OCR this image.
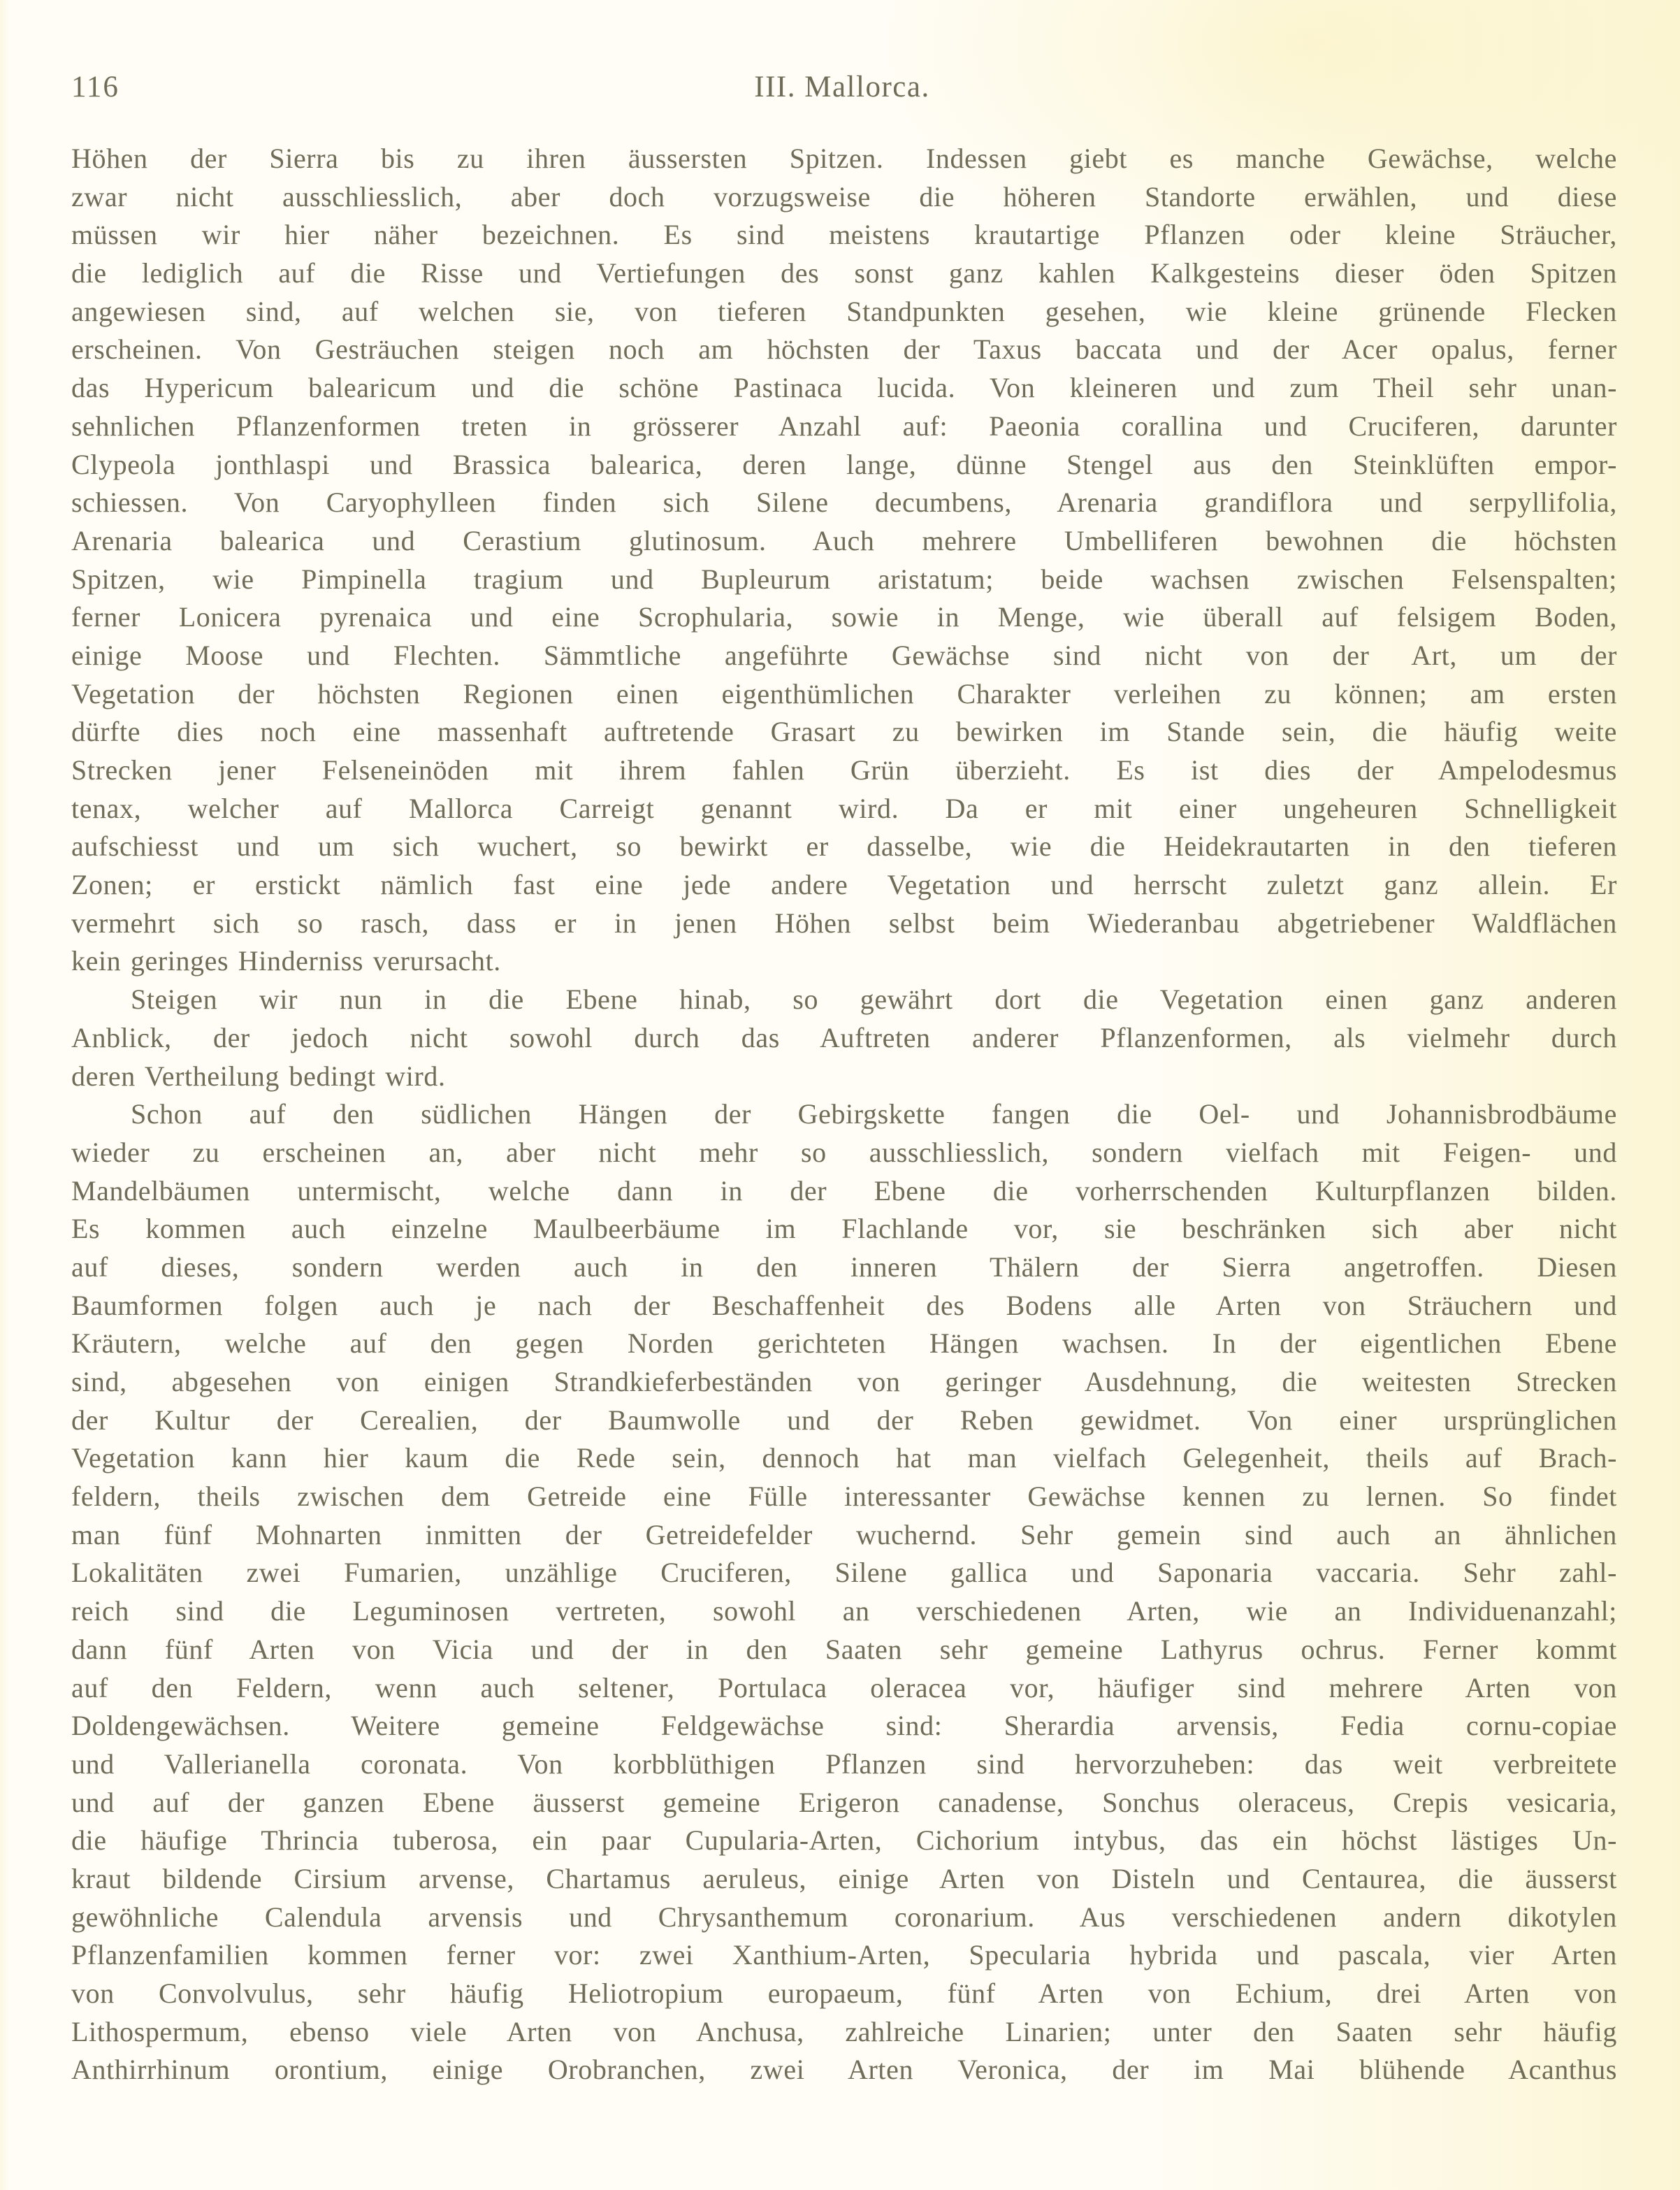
116	III. Mallorca.
Höhen der Sierra bis zu ihren äussersten Spitzen. Indessen giebt es manche Gewächse, welche
zwar nicht ausschliesslich, aber doch vorzugsweise die höheren Standorte erwählen, und diese
müssen wir hier näher bezeichnen. Es sind meistens krautartige Pflanzen oder kleine Sträucher,
die lediglich auf die Risse und Vertiefungen des sonst ganz kahlen Kalkgesteins dieser öden Spitzen
angewiesen sind, auf welchen sie, von tieferen Standpunkten gesehen, wie kleine grünende Flecken
erscheinen. Von Gesträuchen steigen noch am höchsten der Taxus baccata und der Acer opalus, ferner
das Hypericum balearicum und die schöne Pastinaca lucida. Von kleineren und zum Theil sehr unan-
sehnlichen Pflanzenformen treten in grösserer Anzahl auf: Paeonia corallina und Cruciferen, darunter
Clypeola jonthlaspi und Brassica balearica, deren lange, dünne Stengel aus den Steinklüften empor-
schiessen. Von Caryophylleen finden sich Silene decumbens, Arenaria grandiflora und serpyllifolia,
Arenaria balearica und Cerastium glutinosum. Auch mehrere Umbelliferen bewohnen die höchsten
Spitzen, wie Pimpinella tragium und Bupleurum aristatum; beide wachsen zwischen Felsenspalten;
ferner Lonicera pyrenaica und eine Scrophularia, sowie in Menge, wie überall auf felsigem Boden,
einige Moose und Flechten. Sämmtliche angeführte Gewächse sind nicht von der Art, um der
Vegetation der höchsten Regionen einen eigenthümlichen Charakter verleihen zu können; am ersten
dürfte dies noch eine massenhaft auftretende Grasart zu bewirken im Stande sein, die häufig weite
Strecken jener Felseneinöden mit ihrem fahlen Grün überzieht. Es ist dies der Ampelodesmus
tenax, welcher auf Mallorca Carreigt genannt wird. Da er mit einer ungeheuren Schnelligkeit
aufschiesst und um sich wuchert, so bewirkt er dasselbe, wie die Heidekrautarten in den tieferen
Zonen; er erstickt nämlich fast eine jede andere Vegetation und herrscht zuletzt ganz allein. Er
vermehrt sich so rasch, dass er in jenen Höhen selbst beim Wiederanbau abgetriebener Waldflächen
kein geringes Hinderniss verursacht.
Steigen wir nun in die Ebene hinab, so gewährt dort die Vegetation einen ganz anderen
Anblick, der jedoch nicht sowohl durch das Auftreten anderer Pflanzenformen, als vielmehr durch
deren Vertheilung bedingt wird.
Schon auf den südlichen Hängen der Gebirgskette fangen die Oel- und Johannisbrodbäume
wieder zu erscheinen an, aber nicht mehr so ausschliesslich, sondern vielfach mit Feigen- und
Mandelbäumen untermischt, welche dann in der Ebene die vorherrschenden Kulturpflanzen bilden.
Es kommen auch einzelne Maulbeerbäume im Flachlande vor, sie beschränken sich aber nicht
auf dieses, sondern werden auch in den inneren Thälern der Sierra angetroffen. Diesen
Baumformen folgen auch je nach der Beschaffenheit des Bodens alle Arten von Sträuchern und
Kräutern, welche auf den gegen Norden gerichteten Hängen wachsen. In der eigentlichen Ebene
sind, abgesehen von einigen Strandkieferbeständen von geringer Ausdehnung, die weitesten Strecken
der Kultur der Cerealien, der Baumwolle und der Reben gewidmet. Von einer ursprünglichen
Vegetation kann hier kaum die Rede sein, dennoch hat man vielfach Gelegenheit, theils auf Brach-
feldern, theils zwischen dem Getreide eine Fülle interessanter Gewächse kennen zu lernen. So findet
man fünf Mohnarten inmitten der Getreidefelder wuchernd. Sehr gemein sind auch an ähnlichen
Lokalitäten zwei Fumarien, unzählige Cruciferen, Silene gallica und Saponaria vaccaria. Sehr zahl-
reich sind die Leguminosen vertreten, sowohl an verschiedenen Arten, wie an Individuenanzahl;
dann fünf Arten von Vicia und der in den Saaten sehr gemeine Lathyrus ochrus. Ferner kommt
auf den Feldern, wenn auch seltener, Portulaca oleracea vor, häufiger sind mehrere Arten von
Doldengewächsen. Weitere gemeine Feldgewächse sind: Sherardia arvensis, Fedia cornu-copiae
und Vallerianella coronata. Von korbblüthigen Pflanzen sind hervorzuheben: das weit verbreitete
und auf der ganzen Ebene äusserst gemeine Erigeron canadense, Sonchus oleraceus, Crepis vesicaria,
die häufige Thrincia tuberosa, ein paar Cupularia-Arten, Cichorium intybus, das ein höchst lästiges Un-
kraut bildende Cirsium arvense, Chartamus aeruleus, einige Arten von Disteln und Centaurea, die äusserst
gewöhnliche Calendula arvensis und Chrysanthemum coronarium. Aus verschiedenen andern dikotylen
Pflanzenfamilien kommen ferner vor: zwei Xanthium-Arten, Specularia hybrida und pascala, vier Arten
von Convolvulus, sehr häufig Heliotropium europaeum, fünf Arten von Echium, drei Arten von
Lithospermum, ebenso viele Arten von Anchusa, zahlreiche Linarien; unter den Saaten sehr häufig
Anthirrhinum orontium, einige Orobranchen, zwei Arten Veronica, der im Mai blühende Acanthus
